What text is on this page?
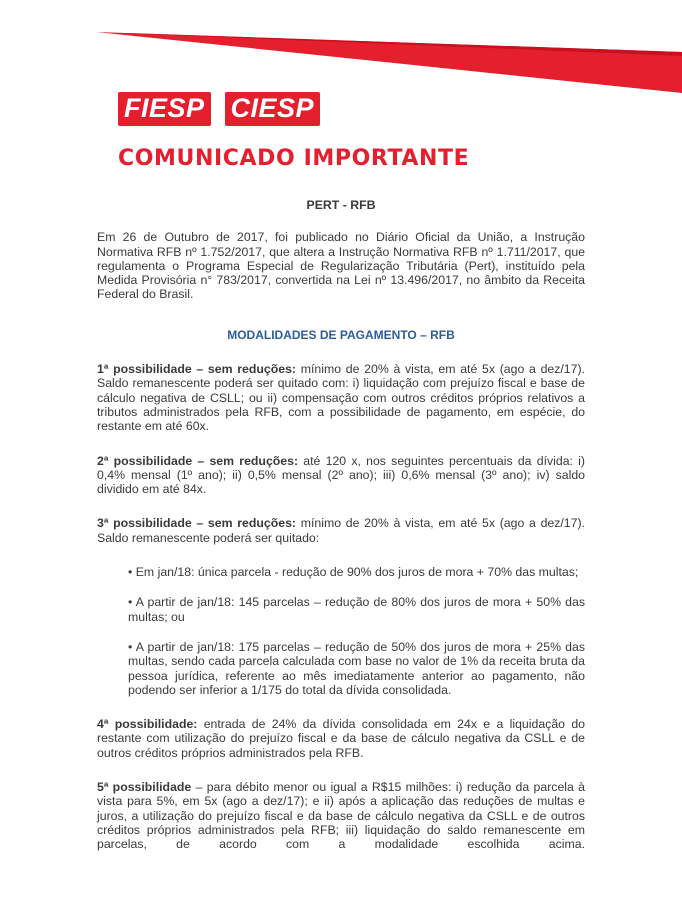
FIESP CIESP
COMUNICADO IMPORTANTE
PERT - RFB

Em 26 de Outubro de 2017, foi publicado no Diário Oficial da União, a Instrução Normativa RFB nº 1.752/2017, que altera a Instrução Normativa RFB nº 1.711/2017, que regulamenta o Programa Especial de Regularização Tributária (Pert), instituído pela Medida Provisória n° 783/2017, convertida na Lei nº 13.496/2017, no âmbito da Receita Federal do Brasil.

MODALIDADES DE PAGAMENTO – RFB

1ª possibilidade – sem reduções: mínimo de 20% à vista, em até 5x (ago a dez/17). Saldo remanescente poderá ser quitado com: i) liquidação com prejuízo fiscal e base de cálculo negativa de CSLL; ou ii) compensação com outros créditos próprios relativos a tributos administrados pela RFB, com a possibilidade de pagamento, em espécie, do restante em até 60x.

2ª possibilidade – sem reduções: até 120 x, nos seguintes percentuais da dívida: i) 0,4% mensal (1º ano); ii) 0,5% mensal (2º ano); iii) 0,6% mensal (3º ano); iv) saldo dividido em até 84x.

3ª possibilidade – sem reduções: mínimo de 20% à vista, em até 5x (ago a dez/17). Saldo remanescente poderá ser quitado:

• Em jan/18: única parcela - redução de 90% dos juros de mora + 70% das multas;

• A partir de jan/18: 145 parcelas – redução de 80% dos juros de mora + 50% das multas; ou

• A partir de jan/18: 175 parcelas – redução de 50% dos juros de mora + 25% das multas, sendo cada parcela calculada com base no valor de 1% da receita bruta da pessoa jurídica, referente ao mês imediatamente anterior ao pagamento, não podendo ser inferior a 1/175 do total da dívida consolidada.

4ª possibilidade: entrada de 24% da dívida consolidada em 24x e a liquidação do restante com utilização do prejuízo fiscal e da base de cálculo negativa da CSLL e de outros créditos próprios administrados pela RFB.

5ª possibilidade – para débito menor ou igual a R$15 milhões: i) redução da parcela à vista para 5%, em 5x (ago a dez/17); e ii) após a aplicação das reduções de multas e juros, a utilização do prejuízo fiscal e da base de cálculo negativa da CSLL e de outros créditos próprios administrados pela RFB; iii) liquidação do saldo remanescente em parcelas, de acordo com a modalidade escolhida acima.
